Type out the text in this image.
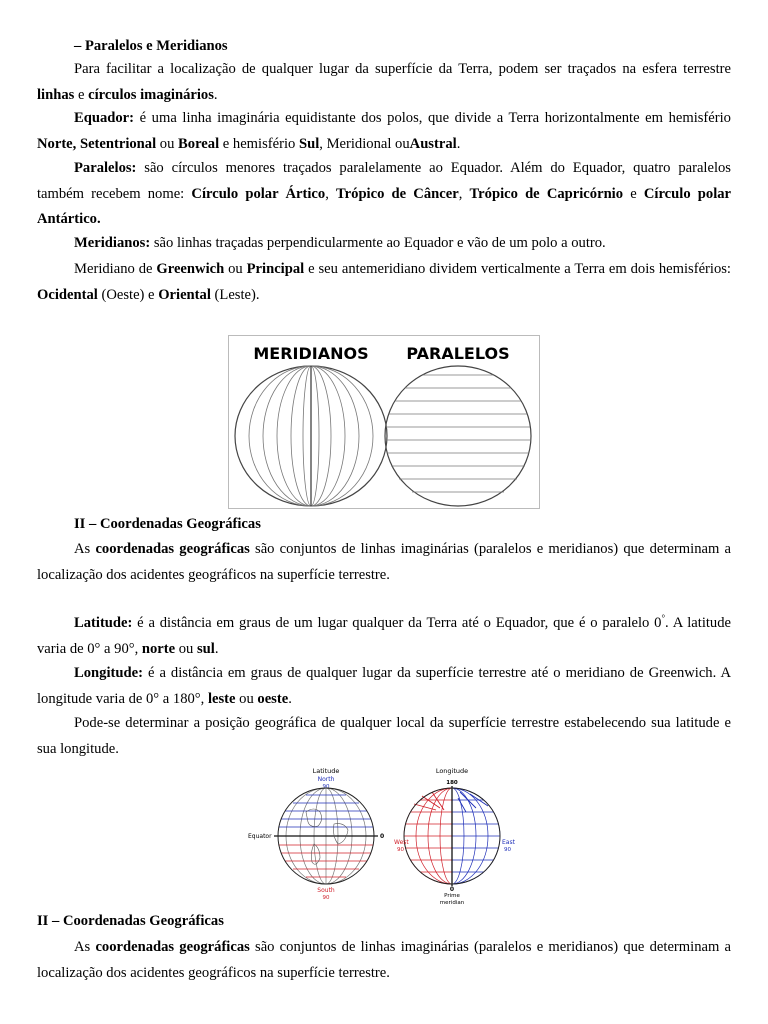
– Paralelos e Meridianos

Para facilitar a localização de qualquer lugar da superfície da Terra, podem ser traçados na esfera terrestre linhas e círculos imaginários.

Equador: é uma linha imaginária equidistante dos polos, que divide a Terra horizontalmente em hemisfério Norte, Setentrional ou Boreal e hemisfério Sul, Meridional ouAustral.

Paralelos: são círculos menores traçados paralelamente ao Equador. Além do Equador, quatro paralelos também recebem nome: Círculo polar Ártico, Trópico de Câncer, Trópico de Capricórnio e Círculo polar Antártico.

Meridianos: são linhas traçadas perpendicularmente ao Equador e vão de um polo a outro.

Meridiano de Greenwich ou Principal e seu antemeridiano dividem verticalmente a Terra em dois hemisférios: Ocidental (Oeste) e Oriental (Leste).

MERIDIANOS PARALELOS

II – Coordenadas Geográficas

As coordenadas geográficas são conjuntos de linhas imaginárias (paralelos e meridianos) que determinam a localização dos acidentes geográficos na superfície terrestre.

Latitude: é a distância em graus de um lugar qualquer da Terra até o Equador, que é o paralelo 0°. A latitude varia de 0° a 90°, norte ou sul.

Longitude: é a distância em graus de qualquer lugar da superfície terrestre até o meridiano de Greenwich. A longitude varia de 0° a 180°, leste ou oeste.

Pode-se determinar a posição geográfica de qualquer local da superfície terrestre estabelecendo sua latitude e sua longitude.

Latitude
North
90
Equator	0
South
90
Longitude
180
West
90
East
90
0
Prime
meridian

II – Coordenadas Geográficas

As coordenadas geográficas são conjuntos de linhas imaginárias (paralelos e meridianos) que determinam a localização dos acidentes geográficos na superfície terrestre.
